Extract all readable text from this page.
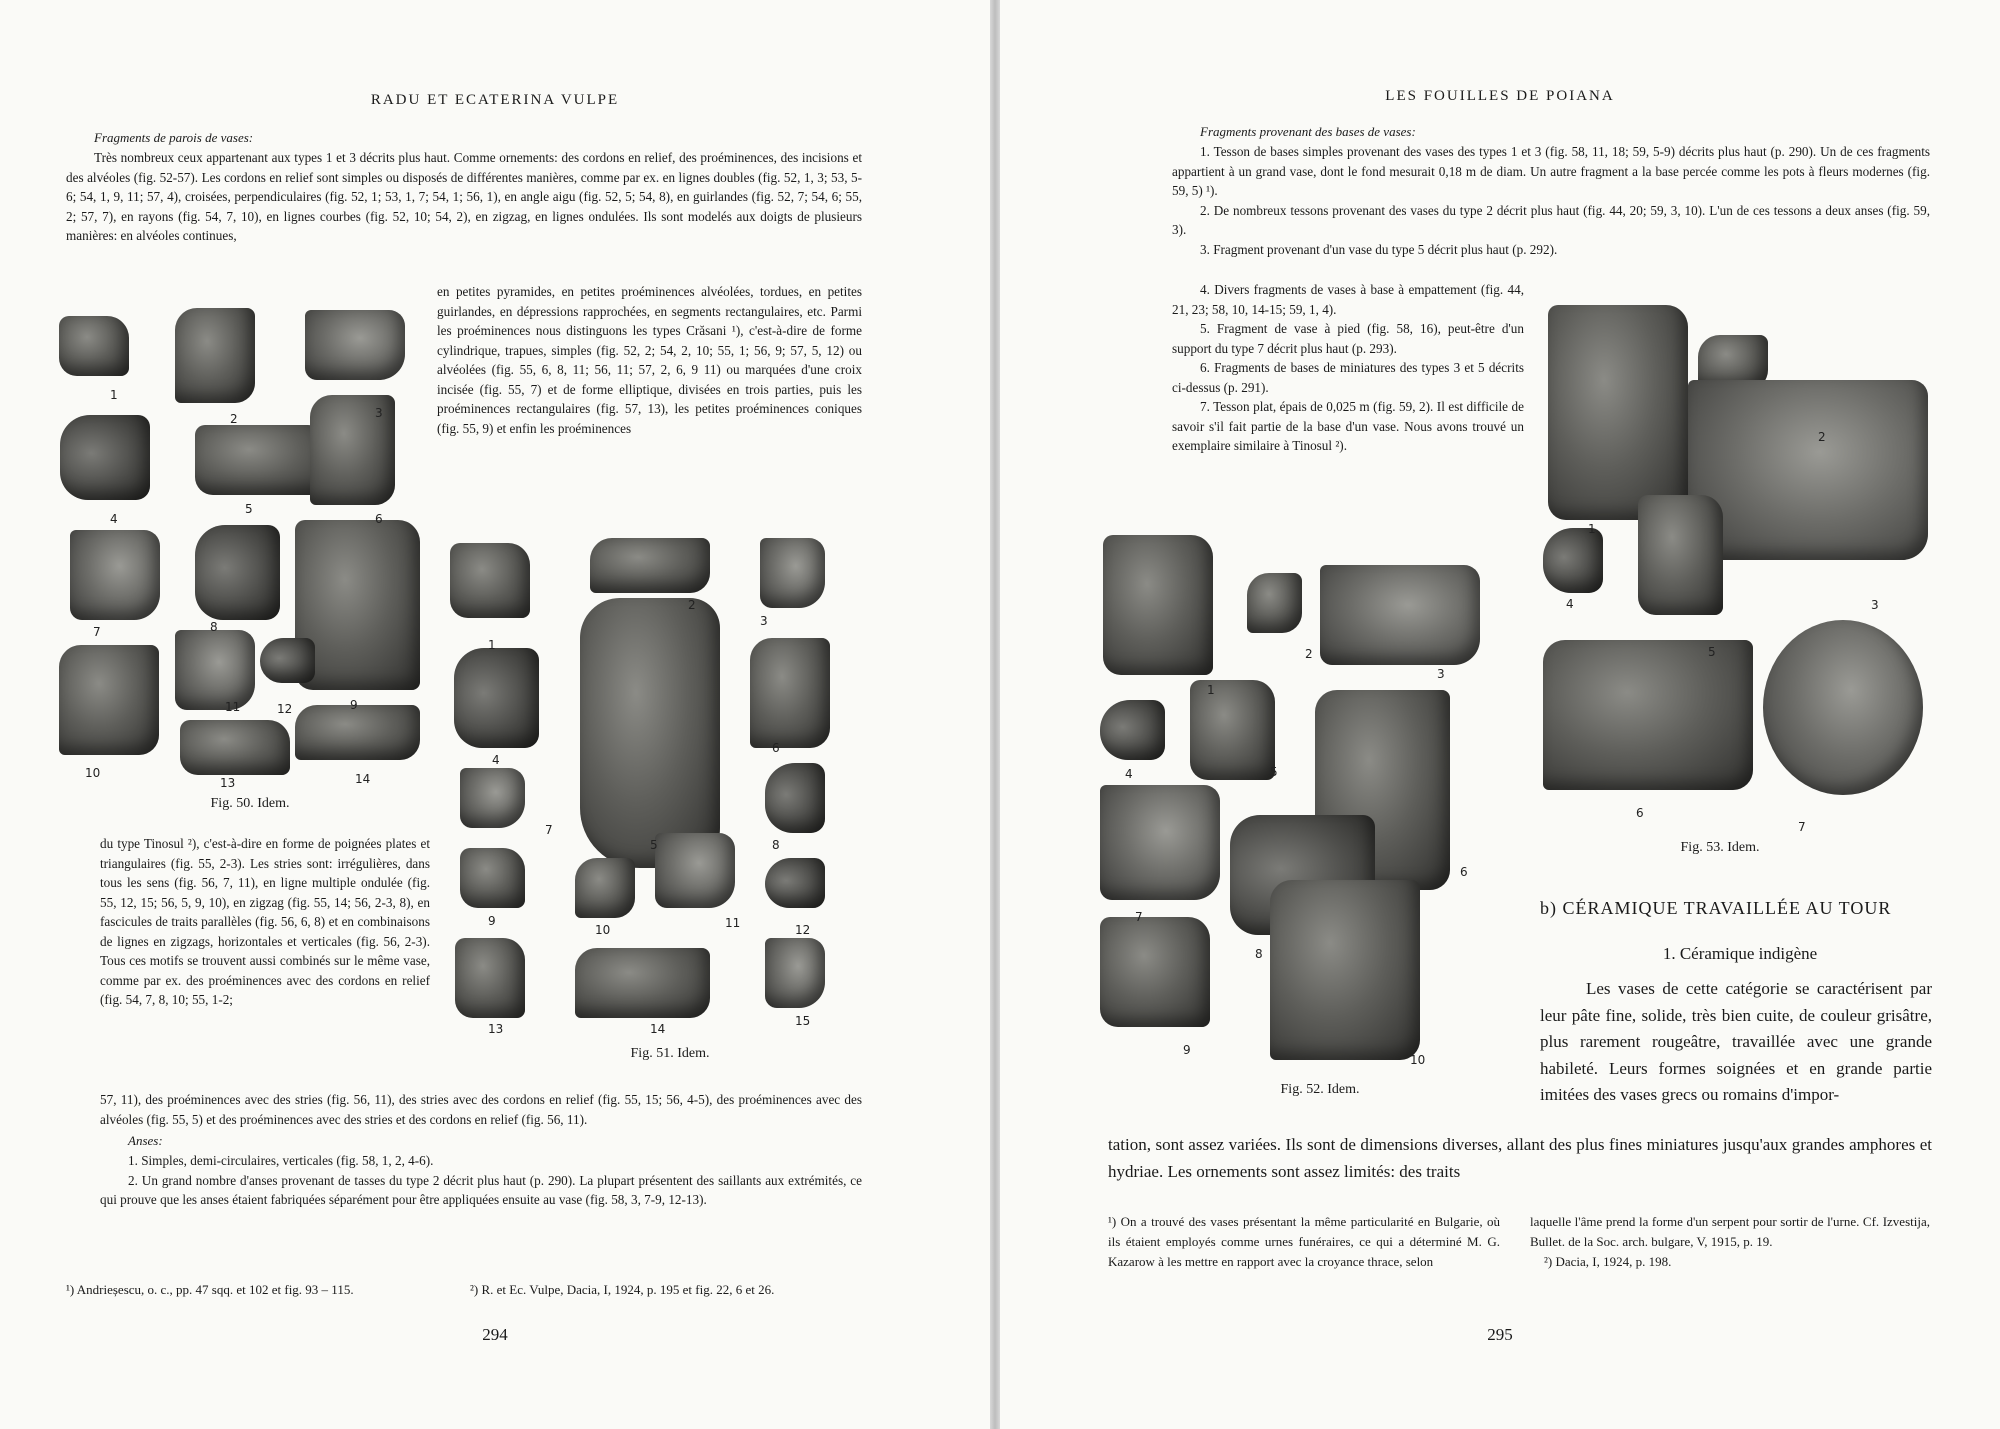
RADU ET ECATERINA VULPE
Fragments de parois de vases:

Très nombreux ceux appartenant aux types 1 et 3 décrits plus haut. Comme ornements: des cordons en relief, des proéminences, des incisions et des alvéoles (fig. 52-57). Les cordons en relief sont simples ou disposés de différentes manières, comme par ex. en lignes doubles (fig. 52, 1, 3; 53, 5-6; 54, 1, 9, 11; 57, 4), croisées, perpendiculaires (fig. 52, 1; 53, 1, 7; 54, 1; 56, 1), en angle aigu (fig. 52, 5; 54, 8), en guirlandes (fig. 52, 7; 54, 6; 55, 2; 57, 7), en rayons (fig. 54, 7, 10), en lignes courbes (fig. 52, 10; 54, 2), en zigzag, en lignes ondulées. Ils sont modelés aux doigts de plusieurs manières: en alvéoles continues,

en petites pyramides, en petites proéminences alvéolées, tordues, en petites guirlandes, en dépressions rapprochées, en segments rectangulaires, etc. Parmi les proéminences nous distinguons les types Crăsani ¹), c'est-à-dire de forme cylindrique, trapues, simples (fig. 52, 2; 54, 2, 10; 55, 1; 56, 9; 57, 5, 12) ou alvéolées (fig. 55, 6, 8, 11; 56, 11; 57, 2, 6, 9 11) ou marquées d'une croix incisée (fig. 55, 7) et de forme elliptique, divisées en trois parties, puis les proéminences rectangulaires (fig. 57, 13), les petites proéminences coniques (fig. 55, 9) et enfin les proéminences
1
2	3
4
5
6
7	8
9
10
11	12
13	14
Fig. 50. Idem.
1
2
3
4
5
6
7
8
9
10	11	12
13	14
15
Fig. 51. Idem.
du type Tinosul ²), c'est-à-dire en forme de poignées plates et triangulaires (fig. 55, 2-3). Les stries sont: irrégulières, dans tous les sens (fig. 56, 7, 11), en ligne multiple ondulée (fig. 55, 12, 15; 56, 5, 9, 10), en zigzag (fig. 55, 14; 56, 2-3, 8), en fascicules de traits parallèles (fig. 56, 6, 8) et en combinaisons de lignes en zigzags, horizontales et verticales (fig. 56, 2-3). Tous ces motifs se trouvent aussi combinés sur le même vase, comme par ex. des proéminences avec des cordons en relief (fig. 54, 7, 8, 10; 55, 1-2;
57, 11), des proéminences avec des stries (fig. 56, 11), des stries avec des cordons en relief (fig. 55, 15; 56, 4-5), des proéminences avec des alvéoles (fig. 55, 5) et des proéminences avec des stries et des cordons en relief (fig. 56, 11).
Anses:

1. Simples, demi-circulaires, verticales (fig. 58, 1, 2, 4-6).

2. Un grand nombre d'anses provenant de tasses du type 2 décrit plus haut (p. 290). La plupart présentent des saillants aux extrémités, ce qui prouve que les anses étaient fabriquées séparément pour être appliquées ensuite au vase (fig. 58, 3, 7-9, 12-13).

¹) Andrieșescu, o. c., pp. 47 sqq. et 102 et fig. 93 – 115.	²) R. et Ec. Vulpe, Dacia, I, 1924, p. 195 et fig. 22, 6 et 26.
294
LES FOUILLES DE POIANA
Fragments provenant des bases de vases:

1. Tesson de bases simples provenant des vases des types 1 et 3 (fig. 58, 11, 18; 59, 5-9) décrits plus haut (p. 290). Un de ces fragments appartient à un grand vase, dont le fond mesurait 0,18 m de diam. Un autre fragment a la base percée comme les pots à fleurs modernes (fig. 59, 5) ¹).

2. De nombreux tessons provenant des vases du type 2 décrit plus haut (fig. 44, 20; 59, 3, 10). L'un de ces tessons a deux anses (fig. 59, 3).

3. Fragment provenant d'un vase du type 5 décrit plus haut (p. 292).

4. Divers fragments de vases à base à empattement (fig. 44, 21, 23; 58, 10, 14-15; 59, 1, 4).

5. Fragment de vase à pied (fig. 58, 16), peut-être d'un support du type 7 décrit plus haut (p. 293).

6. Fragments de bases de miniatures des types 3 et 5 décrits ci-dessus (p. 291).

7. Tesson plat, épais de 0,025 m (fig. 59, 2). Il est difficile de savoir s'il fait partie de la base d'un vase. Nous avons trouvé un exemplaire similaire à Tinosul ²).

1
2
3
4
5
6
7
Fig. 53. Idem.
1
2
3
4	5
6
7
8
9
10
Fig. 52. Idem.
b) CÉRAMIQUE TRAVAILLÉE AU TOUR
1. Céramique indigène

Les vases de cette catégorie se caractérisent par leur pâte fine, solide, très bien cuite, de couleur grisâtre, plus rarement rougeâtre, travaillée avec une grande habileté. Leurs formes soignées et en grande partie imitées des vases grecs ou romains d'impor-

tation, sont assez variées. Ils sont de dimensions diverses, allant des plus fines miniatures jusqu'aux grandes amphores et hydriae. Les ornements sont assez limités: des traits
¹) On a trouvé des vases présentant la même particularité en Bulgarie, où ils étaient employés comme urnes funéraires, ce qui a déterminé M. G. Kazarow à les mettre en rapport avec la croyance thrace, selon

laquelle l'âme prend la forme d'un serpent pour sortir de l'urne. Cf. Izvestija, Bullet. de la Soc. arch. bulgare, V, 1915, p. 19.

²) Dacia, I, 1924, p. 198.

295
